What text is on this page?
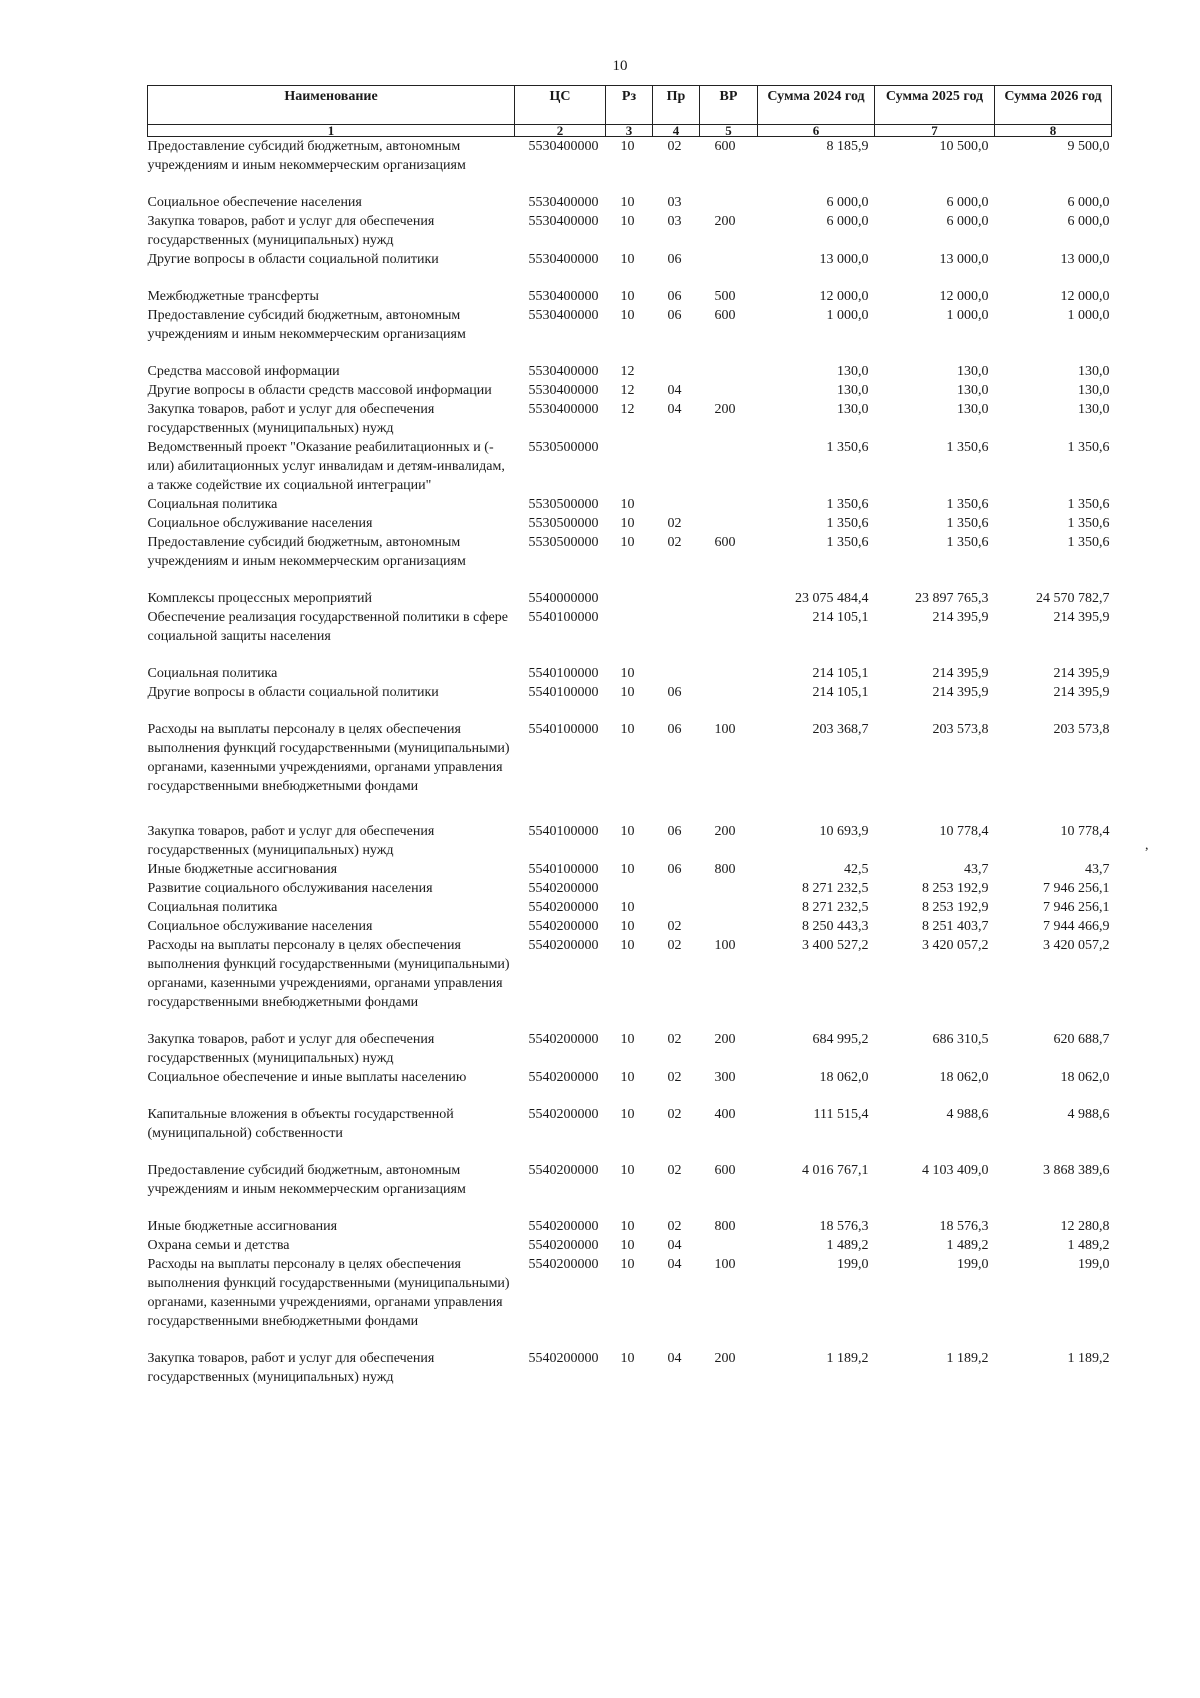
10
Наименование	ЦС	Рз	Пр	ВР	Сумма 2024 год	Сумма 2025 год	Сумма 2026 год
1	2	3	4	5	6	7	8
Предоставление субсидий бюджетным, автономным учреждениям и иным некоммерческим организациям	5530400000	10	02	600	8 185,9	10 500,0	9 500,0
Социальное обеспечение населения	5530400000	10	03		6 000,0	6 000,0	6 000,0
Закупка товаров, работ и услуг для обеспечения государственных (муниципальных) нужд	5530400000	10	03	200	6 000,0	6 000,0	6 000,0
Другие вопросы в области социальной политики	5530400000	10	06		13 000,0	13 000,0	13 000,0
Межбюджетные трансферты	5530400000	10	06	500	12 000,0	12 000,0	12 000,0
Предоставление субсидий бюджетным, автономным учреждениям и иным некоммерческим организациям	5530400000	10	06	600	1 000,0	1 000,0	1 000,0
Средства массовой информации	5530400000	12			130,0	130,0	130,0
Другие вопросы в области средств массовой информации	5530400000	12	04		130,0	130,0	130,0
Закупка товаров, работ и услуг для обеспечения государственных (муниципальных) нужд	5530400000	12	04	200	130,0	130,0	130,0
Ведомственный проект "Оказание реабилитационных и (-или) абилитационных услуг инвалидам и детям-инвалидам, а также содействие их социальной интеграции"	5530500000				1 350,6	1 350,6	1 350,6
Социальная политика	5530500000	10			1 350,6	1 350,6	1 350,6
Социальное обслуживание населения	5530500000	10	02		1 350,6	1 350,6	1 350,6
Предоставление субсидий бюджетным, автономным учреждениям и иным некоммерческим организациям	5530500000	10	02	600	1 350,6	1 350,6	1 350,6
Комплексы процессных мероприятий	5540000000				23 075 484,4	23 897 765,3	24 570 782,7
Обеспечение реализация государственной политики в сфере социальной защиты населения	5540100000				214 105,1	214 395,9	214 395,9
Социальная политика	5540100000	10			214 105,1	214 395,9	214 395,9
Другие вопросы в области социальной политики	5540100000	10	06		214 105,1	214 395,9	214 395,9
Расходы на выплаты персоналу в целях обеспечения выполнения функций государственными (муниципальными) органами, казенными учреждениями, органами управления государственными внебюджетными фондами	5540100000	10	06	100	203 368,7	203 573,8	203 573,8
Закупка товаров, работ и услуг для обеспечения государственных (муниципальных) нужд	5540100000	10	06	200	10 693,9	10 778,4	10 778,4
Иные бюджетные ассигнования	5540100000	10	06	800	42,5	43,7	43,7
Развитие социального обслуживания населения	5540200000				8 271 232,5	8 253 192,9	7 946 256,1
Социальная политика	5540200000	10			8 271 232,5	8 253 192,9	7 946 256,1
Социальное обслуживание населения	5540200000	10	02		8 250 443,3	8 251 403,7	7 944 466,9
Расходы на выплаты персоналу в целях обеспечения выполнения функций государственными (муниципальными) органами, казенными учреждениями, органами управления государственными внебюджетными фондами	5540200000	10	02	100	3 400 527,2	3 420 057,2	3 420 057,2
Закупка товаров, работ и услуг для обеспечения государственных (муниципальных) нужд	5540200000	10	02	200	684 995,2	686 310,5	620 688,7
Социальное обеспечение и иные выплаты населению	5540200000	10	02	300	18 062,0	18 062,0	18 062,0
Капитальные вложения в объекты государственной (муниципальной) собственности	5540200000	10	02	400	111 515,4	4 988,6	4 988,6
Предоставление субсидий бюджетным, автономным учреждениям и иным некоммерческим организациям	5540200000	10	02	600	4 016 767,1	4 103 409,0	3 868 389,6
Иные бюджетные ассигнования	5540200000	10	02	800	18 576,3	18 576,3	12 280,8
Охрана семьи и детства	5540200000	10	04		1 489,2	1 489,2	1 489,2
Расходы на выплаты персоналу в целях обеспечения выполнения функций государственными (муниципальными) органами, казенными учреждениями, органами управления государственными внебюджетными фондами	5540200000	10	04	100	199,0	199,0	199,0
Закупка товаров, работ и услуг для обеспечения государственных (муниципальных) нужд	5540200000	10	04	200	1 189,2	1 189,2	1 189,2
,
